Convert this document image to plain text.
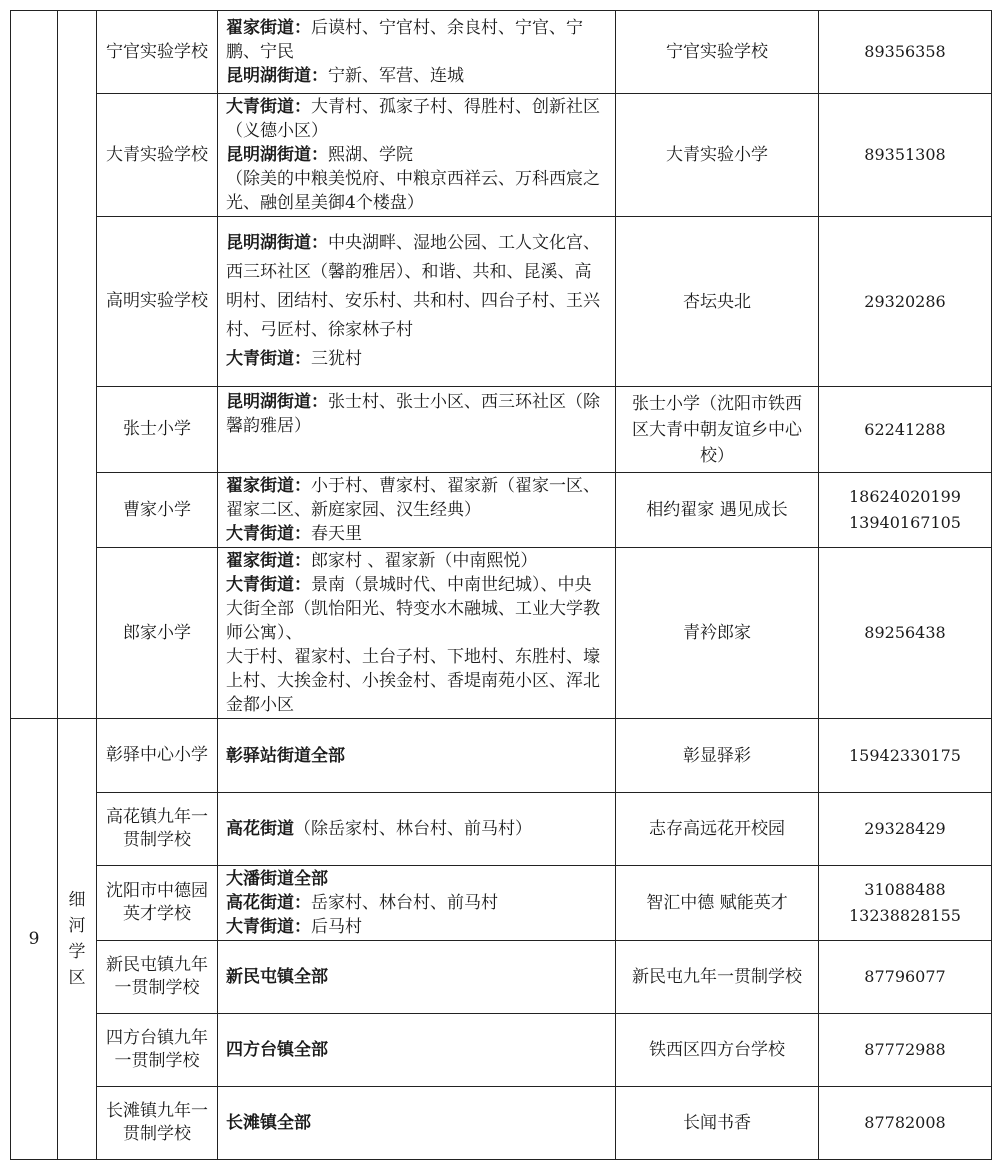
		宁官实验学校	翟家街道：后谟村、宁官村、余良村、宁官、宁鹏、宁民
昆明湖街道：宁新、军营、连城	宁官实验学校	89356358

		大青实验学校	大青街道：大青村、孤家子村、得胜村、创新社区（义德小区）
昆明湖街道：熙湖、学院
（除美的中粮美悦府、中粮京西祥云、万科西宸之光、融创星美御4个楼盘）	大青实验小学	89351308

		高明实验学校	昆明湖街道：中央湖畔、湿地公园、工人文化宫、西三环社区（馨韵雅居）、和谐、共和、昆溪、高明村、团结村、安乐村、共和村、四台子村、王兴村、弓匠村、徐家林子村
大青街道：三犹村	杏坛央北	29320286

		张士小学	昆明湖街道：张士村、张士小区、西三环社区（除馨韵雅居）	张士小学（沈阳市铁西区大青中朝友谊乡中心校）	62241288

		曹家小学	翟家街道：小于村、曹家村、翟家新（翟家一区、翟家二区、新庭家园、汉生经典）
大青街道：春天里	相约翟家 遇见成长	18624020199
13940167105

		郎家小学	翟家街道：郎家村 、翟家新（中南熙悦）
大青街道：景南（景城时代、中南世纪城）、中央大街全部（凯怡阳光、特变水木融城、工业大学教师公寓）、
大于村、翟家村、土台子村、下地村、东胜村、壕上村、大挨金村、小挨金村、香堤南苑小区、浑北金都小区	青衿郎家	89256438

9	细河学区	彰驿中心小学	彰驿站街道全部	彰显驿彩	15942330175

		高花镇九年一贯制学校	高花街道（除岳家村、林台村、前马村）	志存高远花开校园	29328429

		沈阳市中德园英才学校	大潘街道全部
高花街道：岳家村、林台村、前马村
大青街道：后马村	智汇中德 赋能英才	31088488
13238828155

		新民屯镇九年一贯制学校	新民屯镇全部	新民屯九年一贯制学校	87796077

		四方台镇九年一贯制学校	四方台镇全部	铁西区四方台学校	87772988

		长滩镇九年一贯制学校	长滩镇全部	长闻书香	87782008
